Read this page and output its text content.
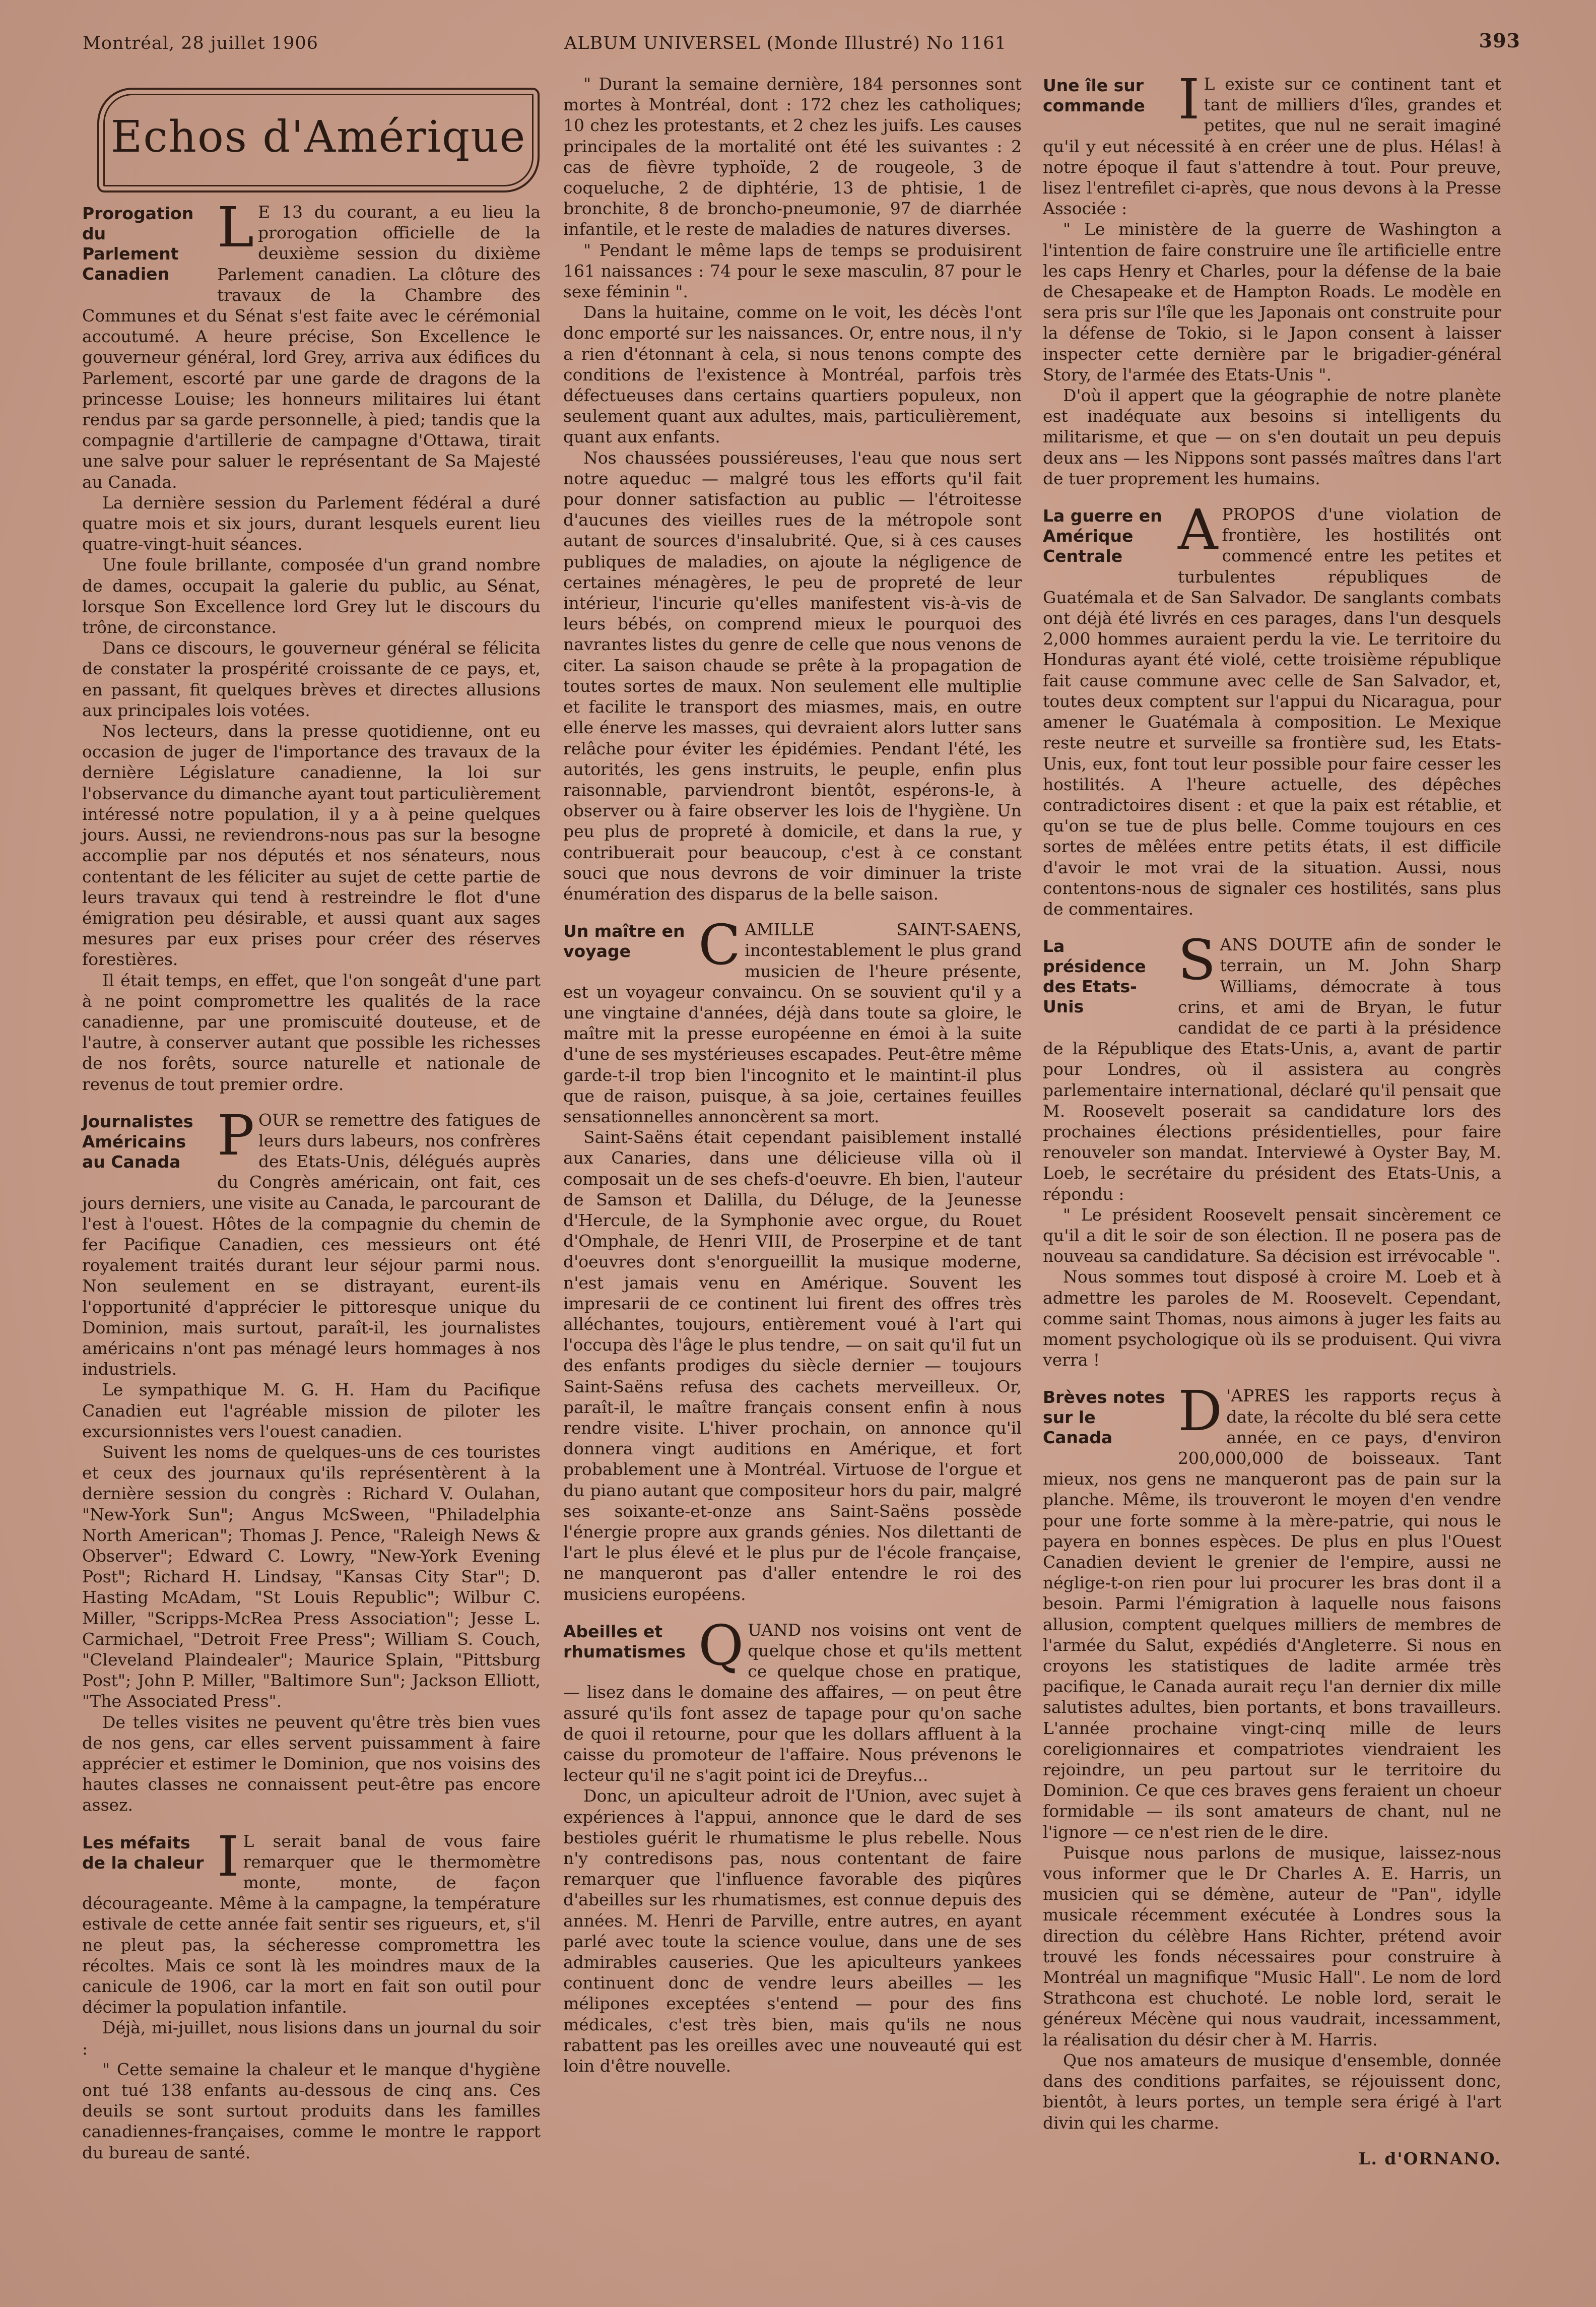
Montréal, 28 juillet 1906	ALBUM UNIVERSEL (Monde Illustré) No 1161	393
Echos d'Amérique
Prorogation du Parlement Canadien

L E 13 du courant, a eu lieu la prorogation officielle de la deuxième session du dixième Parlement canadien. La clôture des travaux de la Chambre des Communes et du Sénat s'est faite avec le cérémonial accoutumé. A heure précise, Son Excellence le gouverneur général, lord Grey, arriva aux édifices du Parlement, escorté par une garde de dragons de la princesse Louise; les honneurs militaires lui étant rendus par sa garde personnelle, à pied; tandis que la compagnie d'artillerie de campagne d'Ottawa, tirait une salve pour saluer le représentant de Sa Majesté au Canada.

La dernière session du Parlement fédéral a duré quatre mois et six jours, durant lesquels eurent lieu quatre-vingt-huit séances.

Une foule brillante, composée d'un grand nombre de dames, occupait la galerie du public, au Sénat, lorsque Son Excellence lord Grey lut le discours du trône, de circonstance.

Dans ce discours, le gouverneur général se félicita de constater la prospérité croissante de ce pays, et, en passant, fit quelques brèves et directes allusions aux principales lois votées.

Nos lecteurs, dans la presse quotidienne, ont eu occasion de juger de l'importance des travaux de la dernière Législature canadienne, la loi sur l'observance du dimanche ayant tout particulièrement intéressé notre population, il y a à peine quelques jours. Aussi, ne reviendrons-nous pas sur la besogne accomplie par nos députés et nos sénateurs, nous contentant de les féliciter au sujet de cette partie de leurs travaux qui tend à restreindre le flot d'une émigration peu désirable, et aussi quant aux sages mesures par eux prises pour créer des réserves forestières.

Il était temps, en effet, que l'on songeât d'une part à ne point compromettre les qualités de la race canadienne, par une promiscuité douteuse, et de l'autre, à conserver autant que possible les richesses de nos forêts, source naturelle et nationale de revenus de tout premier ordre.

Journalistes Américains au Canada POUR se remettre des fatigues de leurs durs labeurs, nos confrères des Etats-Unis, délégués auprès du Congrès américain, ont fait, ces jours derniers, une visite au Canada, le parcourant de l'est à l'ouest. Hôtes de la compagnie du chemin de fer Pacifique Canadien, ces messieurs ont été royalement traités durant leur séjour parmi nous. Non seulement en se distrayant, eurent-ils l'opportunité d'apprécier le pittoresque unique du Dominion, mais surtout, paraît-il, les journalistes américains n'ont pas ménagé leurs hommages à nos industriels.

Le sympathique M. G. H. Ham du Pacifique Canadien eut l'agréable mission de piloter les excursionnistes vers l'ouest canadien.

Suivent les noms de quelques-uns de ces touristes et ceux des journaux qu'ils représentèrent à la dernière session du congrès : Richard V. Oulahan, "New-York Sun"; Angus McSween, "Philadelphia North American"; Thomas J. Pence, "Raleigh News & Observer"; Edward C. Lowry, "New-York Evening Post"; Richard H. Lindsay, "Kansas City Star"; D. Hasting McAdam, "St Louis Republic"; Wilbur C. Miller, "Scripps-McRea Press Association"; Jesse L. Carmichael, "Detroit Free Press"; William S. Couch, "Cleveland Plaindealer"; Maurice Splain, "Pittsburg Post"; John P. Miller, "Baltimore Sun"; Jackson Elliott, "The Associated Press".

De telles visites ne peuvent qu'être très bien vues de nos gens, car elles servent puissamment à faire apprécier et estimer le Dominion, que nos voisins des hautes classes ne connaissent peut-être pas encore assez.

Les méfaits de la chaleur I L serait banal de vous faire remarquer que le thermomètre monte, monte, de façon décourageante. Même à la campagne, la température estivale de cette année fait sentir ses rigueurs, et, s'il ne pleut pas, la sécheresse compromettra les récoltes. Mais ce sont là les moindres maux de la canicule de 1906, car la mort en fait son outil pour décimer la population infantile.

Déjà, mi-juillet, nous lisions dans un journal du soir :

" Cette semaine la chaleur et le manque d'hygiène ont tué 138 enfants au-dessous de cinq ans. Ces deuils se sont surtout produits dans les familles canadiennes-françaises, comme le montre le rapport du bureau de santé.

" Durant la semaine dernière, 184 personnes sont mortes à Montréal, dont : 172 chez les catholiques; 10 chez les protestants, et 2 chez les juifs. Les causes principales de la mortalité ont été les suivantes : 2 cas de fièvre typhoïde, 2 de rougeole, 3 de coqueluche, 2 de diphtérie, 13 de phtisie, 1 de bronchite, 8 de broncho-pneumonie, 97 de diarrhée infantile, et le reste de maladies de natures diverses.

" Pendant le même laps de temps se produisirent 161 naissances : 74 pour le sexe masculin, 87 pour le sexe féminin ".

Dans la huitaine, comme on le voit, les décès l'ont donc emporté sur les naissances. Or, entre nous, il n'y a rien d'étonnant à cela, si nous tenons compte des conditions de l'existence à Montréal, parfois très défectueuses dans certains quartiers populeux, non seulement quant aux adultes, mais, particulièrement, quant aux enfants.

Nos chaussées poussiéreuses, l'eau que nous sert notre aqueduc — malgré tous les efforts qu'il fait pour donner satisfaction au public — l'étroitesse d'aucunes des vieilles rues de la métropole sont autant de sources d'insalubrité. Que, si à ces causes publiques de maladies, on ajoute la négligence de certaines ménagères, le peu de propreté de leur intérieur, l'incurie qu'elles manifestent vis-à-vis de leurs bébés, on comprend mieux le pourquoi des navrantes listes du genre de celle que nous venons de citer. La saison chaude se prête à la propagation de toutes sortes de maux. Non seulement elle multiplie et facilite le transport des miasmes, mais, en outre elle énerve les masses, qui devraient alors lutter sans relâche pour éviter les épidémies. Pendant l'été, les autorités, les gens instruits, le peuple, enfin plus raisonnable, parviendront bientôt, espérons-le, à observer ou à faire observer les lois de l'hygiène. Un peu plus de propreté à domicile, et dans la rue, y contribuerait pour beaucoup, c'est à ce constant souci que nous devrons de voir diminuer la triste énumération des disparus de la belle saison.

Un maître en voyage	CAMILLE SAINT-SAENS, incontestablement le plus grand musicien de l'heure présente, est un voyageur convaincu. On se souvient qu'il y a une vingtaine d'années, déjà dans toute sa gloire, le maître mit la presse européenne en émoi à la suite d'une de ses mystérieuses escapades. Peut-être même garde-t-il trop bien l'incognito et le maintint-il plus que de raison, puisque, à sa joie, certaines feuilles sensationnelles annoncèrent sa mort.

Saint-Saëns était cependant paisiblement installé aux Canaries, dans une délicieuse villa où il composait un de ses chefs-d'oeuvre. Eh bien, l'auteur de Samson et Dalilla, du Déluge, de la Jeunesse d'Hercule, de la Symphonie avec orgue, du Rouet d'Omphale, de Henri VIII, de Proserpine et de tant d'oeuvres dont s'enorgueillit la musique moderne, n'est jamais venu en Amérique. Souvent les impresarii de ce continent lui firent des offres très alléchantes, toujours, entièrement voué à l'art qui l'occupa dès l'âge le plus tendre, — on sait qu'il fut un des enfants prodiges du siècle dernier — toujours Saint-Saëns refusa des cachets merveilleux. Or, paraît-il, le maître français consent enfin à nous rendre visite. L'hiver prochain, on annonce qu'il donnera vingt auditions en Amérique, et fort probablement une à Montréal. Virtuose de l'orgue et du piano autant que compositeur hors du pair, malgré ses soixante-et-onze ans Saint-Saëns possède l'énergie propre aux grands génies. Nos dilettanti de l'art le plus élevé et le plus pur de l'école française, ne manqueront pas d'aller entendre le roi des musiciens européens.

Abeilles et rhumatismes QUAND nos voisins ont vent de quelque chose et qu'ils mettent ce quelque chose en pratique, — lisez dans le domaine des affaires, — on peut être assuré qu'ils font assez de tapage pour qu'on sache de quoi il retourne, pour que les dollars affluent à la caisse du promoteur de l'affaire. Nous prévenons le lecteur qu'il ne s'agit point ici de Dreyfus...

Donc, un apiculteur adroit de l'Union, avec sujet à expériences à l'appui, annonce que le dard de ses bestioles guérit le rhumatisme le plus rebelle. Nous n'y contredisons pas, nous contentant de faire remarquer que l'influence favorable des piqûres d'abeilles sur les rhumatismes, est connue depuis des années. M. Henri de Parville, entre autres, en ayant parlé avec toute la science voulue, dans une de ses admirables causeries. Que les apiculteurs yankees continuent donc de vendre leurs abeilles — les mélipones exceptées s'entend — pour des fins médicales, c'est très bien, mais qu'ils ne nous rabattent pas les oreilles avec une nouveauté qui est loin d'être nouvelle.

Une île sur commande I L existe sur ce continent tant et tant de milliers d'îles, grandes et petites, que nul ne serait imaginé qu'il y eut nécessité à en créer une de plus. Hélas! à notre époque il faut s'attendre à tout. Pour preuve, lisez l'entrefilet ci-après, que nous devons à la Presse Associée :

" Le ministère de la guerre de Washington a l'intention de faire construire une île artificielle entre les caps Henry et Charles, pour la défense de la baie de Chesapeake et de Hampton Roads. Le modèle en sera pris sur l'île que les Japonais ont construite pour la défense de Tokio, si le Japon consent à laisser inspecter cette dernière par le brigadier-général Story, de l'armée des Etats-Unis ".

D'où il appert que la géographie de notre planète est inadéquate aux besoins si intelligents du militarisme, et que — on s'en doutait un peu depuis deux ans — les Nippons sont passés maîtres dans l'art de tuer proprement les humains.

La guerre en Amérique Centrale APROPOS d'une violation de frontière, les hostilités ont commencé entre les petites et turbulentes républiques de Guatémala et de San Salvador. De sanglants combats ont déjà été livrés en ces parages, dans l'un desquels 2,000 hommes auraient perdu la vie. Le territoire du Honduras ayant été violé, cette troisième république fait cause commune avec celle de San Salvador, et, toutes deux comptent sur l'appui du Nicaragua, pour amener le Guatémala à composition. Le Mexique reste neutre et surveille sa frontière sud, les Etats-Unis, eux, font tout leur possible pour faire cesser les hostilités. A l'heure actuelle, des dépêches contradictoires disent : et que la paix est rétablie, et qu'on se tue de plus belle. Comme toujours en ces sortes de mêlées entre petits états, il est difficile d'avoir le mot vrai de la situation. Aussi, nous contentons-nous de signaler ces hostilités, sans plus de commentaires.

La présidence des Etats-Unis

SANS DOUTE afin de sonder le terrain, un M. John Sharp Williams, démocrate à tous crins, et ami de Bryan, le futur candidat de ce parti à la présidence de la République des Etats-Unis, a, avant de partir pour Londres, où il assistera au congrès parlementaire international, déclaré qu'il pensait que M. Roosevelt poserait sa candidature lors des prochaines élections présidentielles, pour faire renouveler son mandat. Interviewé à Oyster Bay, M. Loeb, le secrétaire du président des Etats-Unis, a répondu :

" Le président Roosevelt pensait sincèrement ce qu'il a dit le soir de son élection. Il ne posera pas de nouveau sa candidature. Sa décision est irrévocable ".

Nous sommes tout disposé à croire M. Loeb et à admettre les paroles de M. Roosevelt. Cependant, comme saint Thomas, nous aimons à juger les faits au moment psychologique où ils se produisent. Qui vivra verra !

Brèves notes sur le Canada	D 'APRES les rapports reçus à date, la récolte du blé sera cette année, en ce pays, d'environ 200,000,000 de boisseaux. Tant mieux, nos gens ne manqueront pas de pain sur la planche. Même, ils trouveront le moyen d'en vendre pour une forte somme à la mère-patrie, qui nous le payera en bonnes espèces. De plus en plus l'Ouest Canadien devient le grenier de l'empire, aussi ne néglige-t-on rien pour lui procurer les bras dont il a besoin. Parmi l'émigration à laquelle nous faisons allusion, comptent quelques milliers de membres de l'armée du Salut, expédiés d'Angleterre. Si nous en croyons les statistiques de ladite armée très pacifique, le Canada aurait reçu l'an dernier dix mille salutistes adultes, bien portants, et bons travailleurs. L'année prochaine vingt-cinq mille de leurs coreligionnaires et compatriotes viendraient les rejoindre, un peu partout sur le territoire du Dominion. Ce que ces braves gens feraient un choeur formidable — ils sont amateurs de chant, nul ne l'ignore — ce n'est rien de le dire.

Puisque nous parlons de musique, laissez-nous vous informer que le Dr Charles A. E. Harris, un musicien qui se démène, auteur de "Pan", idylle musicale récemment exécutée à Londres sous la direction du célèbre Hans Richter, prétend avoir trouvé les fonds nécessaires pour construire à Montréal un magnifique "Music Hall". Le nom de lord Strathcona est chuchoté. Le noble lord, serait le généreux Mécène qui nous vaudrait, incessamment, la réalisation du désir cher à M. Harris.

Que nos amateurs de musique d'ensemble, donnée dans des conditions parfaites, se réjouissent donc, bientôt, à leurs portes, un temple sera érigé à l'art divin qui les charme.

L. d'ORNANO.
